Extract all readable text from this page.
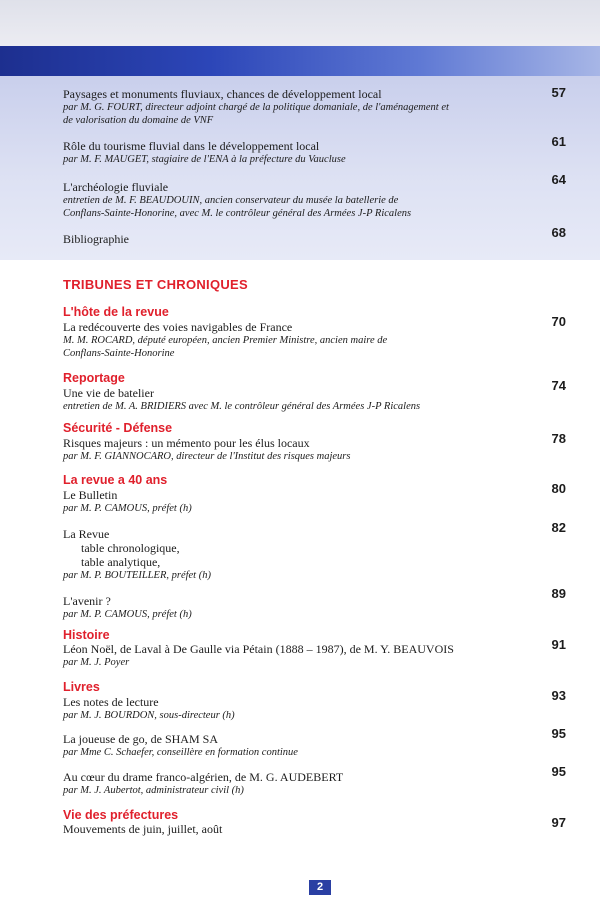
Paysages et monuments fluviaux, chances de développement local
par M. G. FOURT, directeur adjoint chargé de la politique domaniale, de l'aménagement et
de valorisation du domaine de VNF
57
Rôle du tourisme fluvial dans le développement local
par M. F. MAUGET, stagiaire de l'ENA à la préfecture du Vaucluse
61
L'archéologie fluviale
entretien de M. F. BEAUDOUIN, ancien conservateur du musée la batellerie de
Conflans-Sainte-Honorine, avec M. le contrôleur général des Armées J-P Ricalens
64
Bibliographie	68
TRIBUNES ET CHRONIQUES
L'hôte de la revue
La redécouverte des voies navigables de France
M. M. ROCARD, député européen, ancien Premier Ministre, ancien maire de
Conflans-Sainte-Honorine
70
Reportage
Une vie de batelier
entretien de M. A. BRIDIERS avec M. le contrôleur général des Armées J-P Ricalens
74
Sécurité - Défense
Risques majeurs : un mémento pour les élus locaux
par M. F. GIANNOCARO, directeur de l'Institut des risques majeurs
78
La revue a 40 ans
Le Bulletin
par M. P. CAMOUS, préfet (h)
80
La Revue
table chronologique,
table analytique,
par M. P. BOUTEILLER, préfet (h)
82
L'avenir ?
par M. P. CAMOUS, préfet (h)
89
Histoire
Léon Noël, de Laval à De Gaulle via Pétain (1888 – 1987), de M. Y. BEAUVOIS
par M. J. Poyer
91
Livres
Les notes de lecture
par M. J. BOURDON, sous-directeur (h)
93
La joueuse de go, de SHAM SA
par Mme C. Schaefer, conseillère en formation continue
95
Au cœur du drame franco-algérien, de M. G. AUDEBERT
par M. J. Aubertot, administrateur civil (h)
95
Vie des préfectures
Mouvements de juin, juillet, août	97
2
